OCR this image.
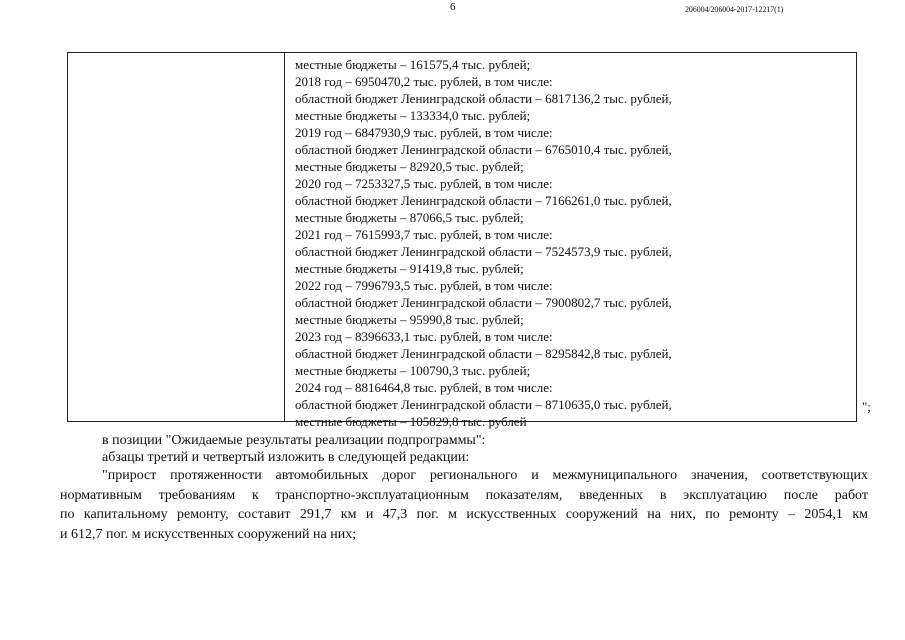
6	206004/206004-2017-12217(1)
местные бюджеты – 161575,4 тыс. рублей;
2018 год – 6950470,2 тыс. рублей, в том числе:
областной бюджет Ленинградской области – 6817136,2 тыс. рублей,
местные бюджеты – 133334,0 тыс. рублей;
2019 год – 6847930,9 тыс. рублей, в том числе:
областной бюджет Ленинградской области – 6765010,4 тыс. рублей,
местные бюджеты – 82920,5 тыс. рублей;
2020 год – 7253327,5 тыс. рублей, в том числе:
областной бюджет Ленинградской области – 7166261,0 тыс. рублей,
местные бюджеты – 87066,5 тыс. рублей;
2021 год – 7615993,7 тыс. рублей, в том числе:
областной бюджет Ленинградской области – 7524573,9 тыс. рублей,
местные бюджеты – 91419,8 тыс. рублей;
2022 год – 7996793,5 тыс. рублей, в том числе:
областной бюджет Ленинградской области – 7900802,7 тыс. рублей,
местные бюджеты – 95990,8 тыс. рублей;
2023 год – 8396633,1 тыс. рублей, в том числе:
областной бюджет Ленинградской области – 8295842,8 тыс. рублей,
местные бюджеты – 100790,3 тыс. рублей;
2024 год – 8816464,8 тыс. рублей, в том числе:
областной бюджет Ленинградской области – 8710635,0 тыс. рублей,
местные бюджеты – 105829,8 тыс. рублей
";
в позиции "Ожидаемые результаты реализации подпрограммы":
абзацы третий и четвертый изложить в следующей редакции:
"прирост протяженности автомобильных дорог регионального и межмуниципального значения, соответствующих
нормативным требованиям к транспортно-эксплуатационным показателям, введенных в эксплуатацию после работ
по капитальному ремонту, составит 291,7 км и 47,3 пог. м искусственных сооружений на них, по ремонту – 2054,1 км
и 612,7 пог. м искусственных сооружений на них;
